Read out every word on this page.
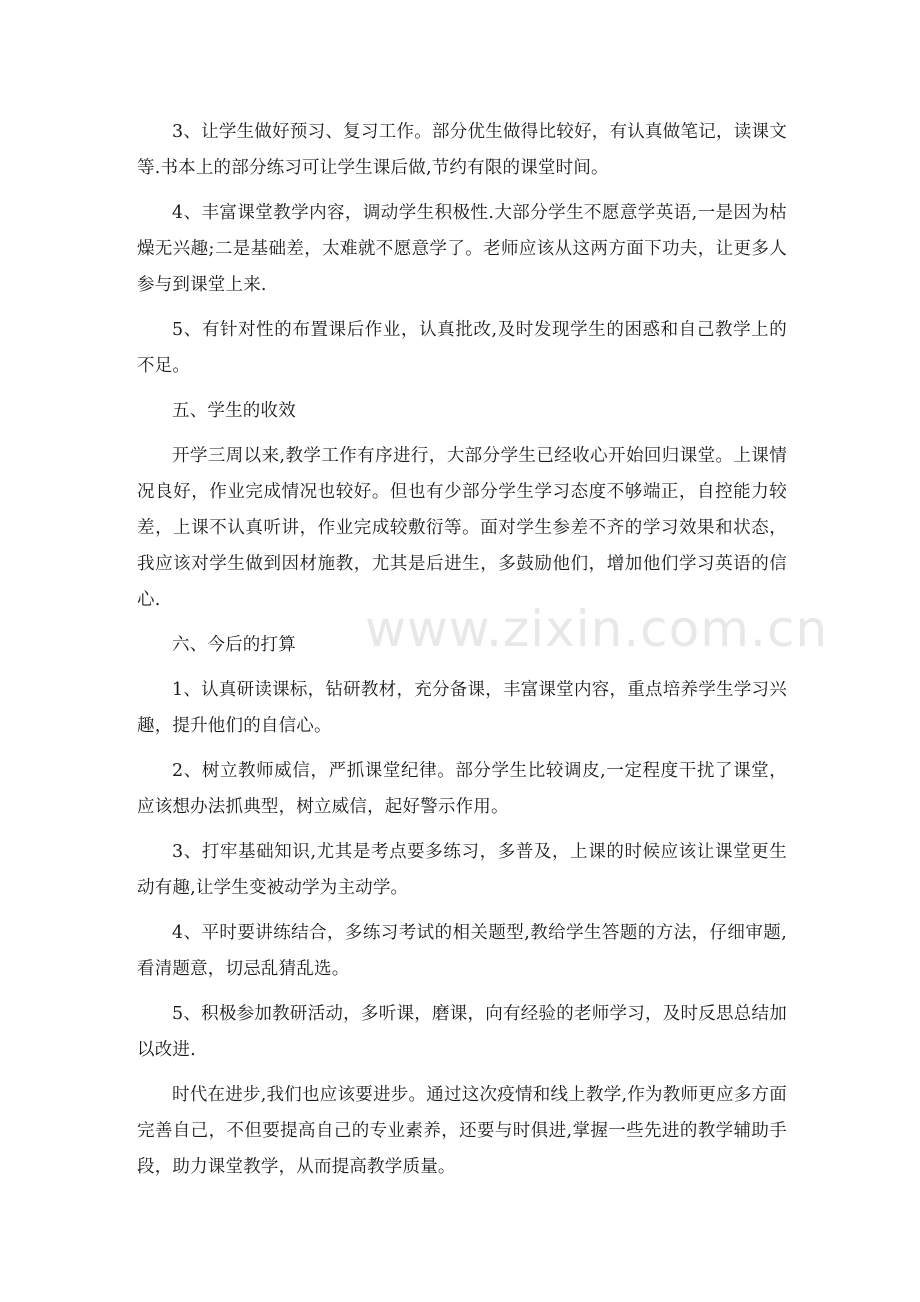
3、让学生做好预习、复习工作。部分优生做得比较好，有认真做笔记，读课文等.书本上的部分练习可让学生课后做,节约有限的课堂时间。

4、丰富课堂教学内容，调动学生积极性.大部分学生不愿意学英语,一是因为枯燥无兴趣;二是基础差，太难就不愿意学了。老师应该从这两方面下功夫，让更多人参与到课堂上来.

5、有针对性的布置课后作业，认真批改,及时发现学生的困惑和自己教学上的不足。

五、学生的收效

开学三周以来,教学工作有序进行，大部分学生已经收心开始回归课堂。上课情况良好，作业完成情况也较好。但也有少部分学生学习态度不够端正，自控能力较差，上课不认真听讲，作业完成较敷衍等。面对学生参差不齐的学习效果和状态，我应该对学生做到因材施教，尤其是后进生，多鼓励他们，增加他们学习英语的信心.

六、今后的打算

1、认真研读课标，钻研教材，充分备课，丰富课堂内容，重点培养学生学习兴趣，提升他们的自信心。

2、树立教师威信，严抓课堂纪律。部分学生比较调皮,一定程度干扰了课堂，应该想办法抓典型，树立威信，起好警示作用。

3、打牢基础知识,尤其是考点要多练习，多普及，上课的时候应该让课堂更生动有趣,让学生变被动学为主动学。

4、平时要讲练结合，多练习考试的相关题型,教给学生答题的方法，仔细审题,看清题意，切忌乱猜乱选。

5、积极参加教研活动，多听课，磨课，向有经验的老师学习，及时反思总结加以改进.

时代在进步,我们也应该要进步。通过这次疫情和线上教学,作为教师更应多方面完善自己，不但要提高自己的专业素养，还要与时俱进,掌握一些先进的教学辅助手段，助力课堂教学，从而提高教学质量。

www.zixin.com.cn
